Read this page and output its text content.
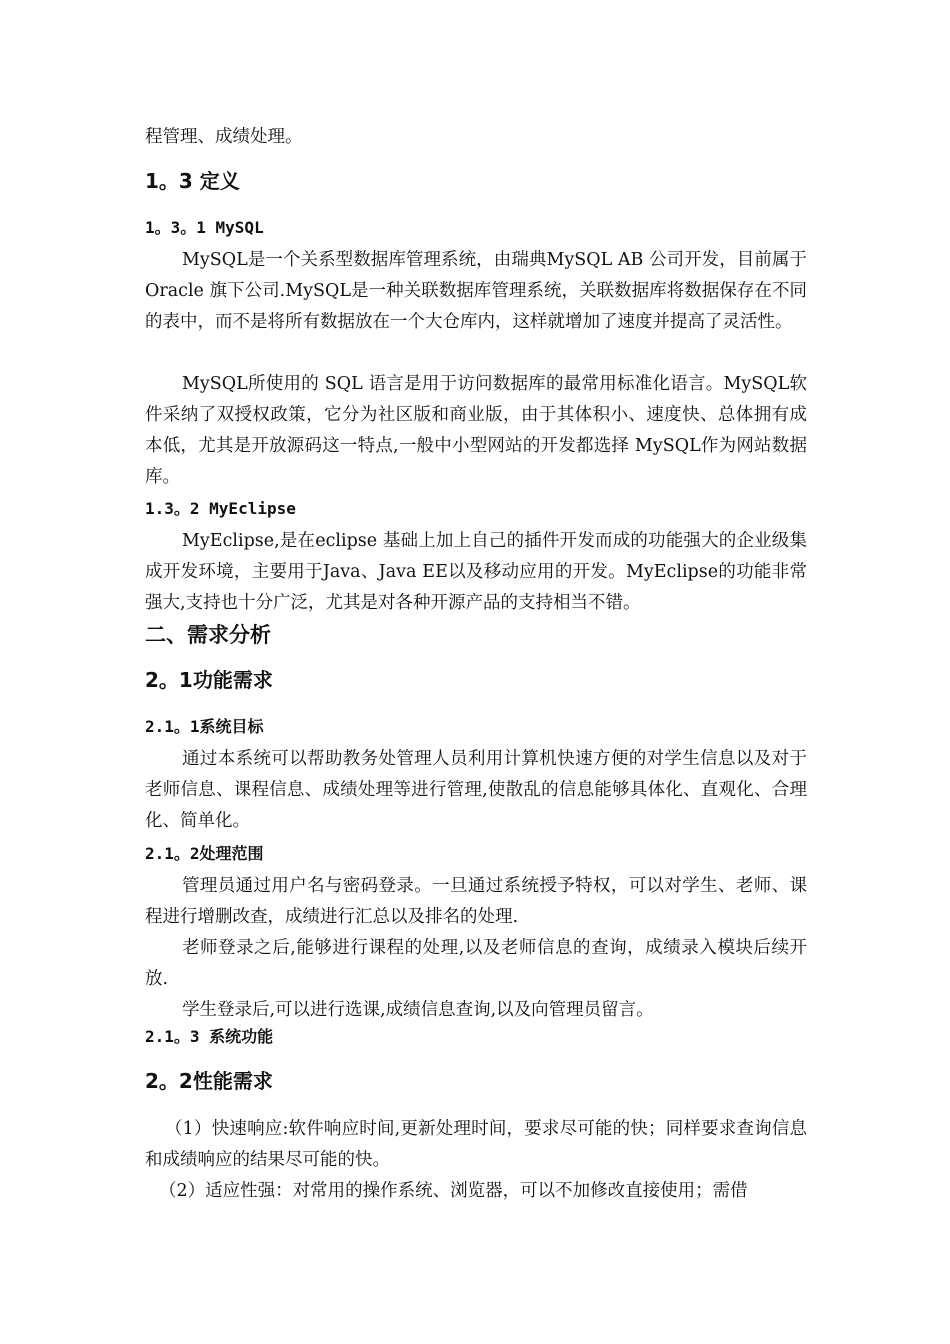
程管理、成绩处理。

1。3 定义
1。3。1 MySQL

MySQL是一个关系型数据库管理系统，由瑞典MySQL AB 公司开发，目前属于 Oracle 旗下公司.MySQL是一种关联数据库管理系统，关联数据库将数据保存在不同的表中，而不是将所有数据放在一个大仓库内，这样就增加了速度并提高了灵活性。

MySQL所使用的 SQL 语言是用于访问数据库的最常用标准化语言。MySQL软件采纳了双授权政策，它分为社区版和商业版，由于其体积小、速度快、总体拥有成本低，尤其是开放源码这一特点,一般中小型网站的开发都选择 MySQL作为网站数据库。

1.3。2 MyEclipse

MyEclipse,是在eclipse 基础上加上自己的插件开发而成的功能强大的企业级集成开发环境，主要用于Java、Java EE以及移动应用的开发。MyEclipse的功能非常强大,支持也十分广泛，尤其是对各种开源产品的支持相当不错。

二、需求分析
2。1功能需求
2.1。1系统目标

通过本系统可以帮助教务处管理人员利用计算机快速方便的对学生信息以及对于老师信息、课程信息、成绩处理等进行管理,使散乱的信息能够具体化、直观化、合理化、简单化。

2.1。2处理范围

管理员通过用户名与密码登录。一旦通过系统授予特权，可以对学生、老师、课程进行增删改查，成绩进行汇总以及排名的处理.

老师登录之后,能够进行课程的处理,以及老师信息的查询，成绩录入模块后续开放.

学生登录后,可以进行选课,成绩信息查询,以及向管理员留言。

2.1。3 系统功能
2。2性能需求

（1）快速响应:软件响应时间,更新处理时间，要求尽可能的快；同样要求查询信息和成绩响应的结果尽可能的快。

（2）适应性强：对常用的操作系统、浏览器，可以不加修改直接使用；需借
